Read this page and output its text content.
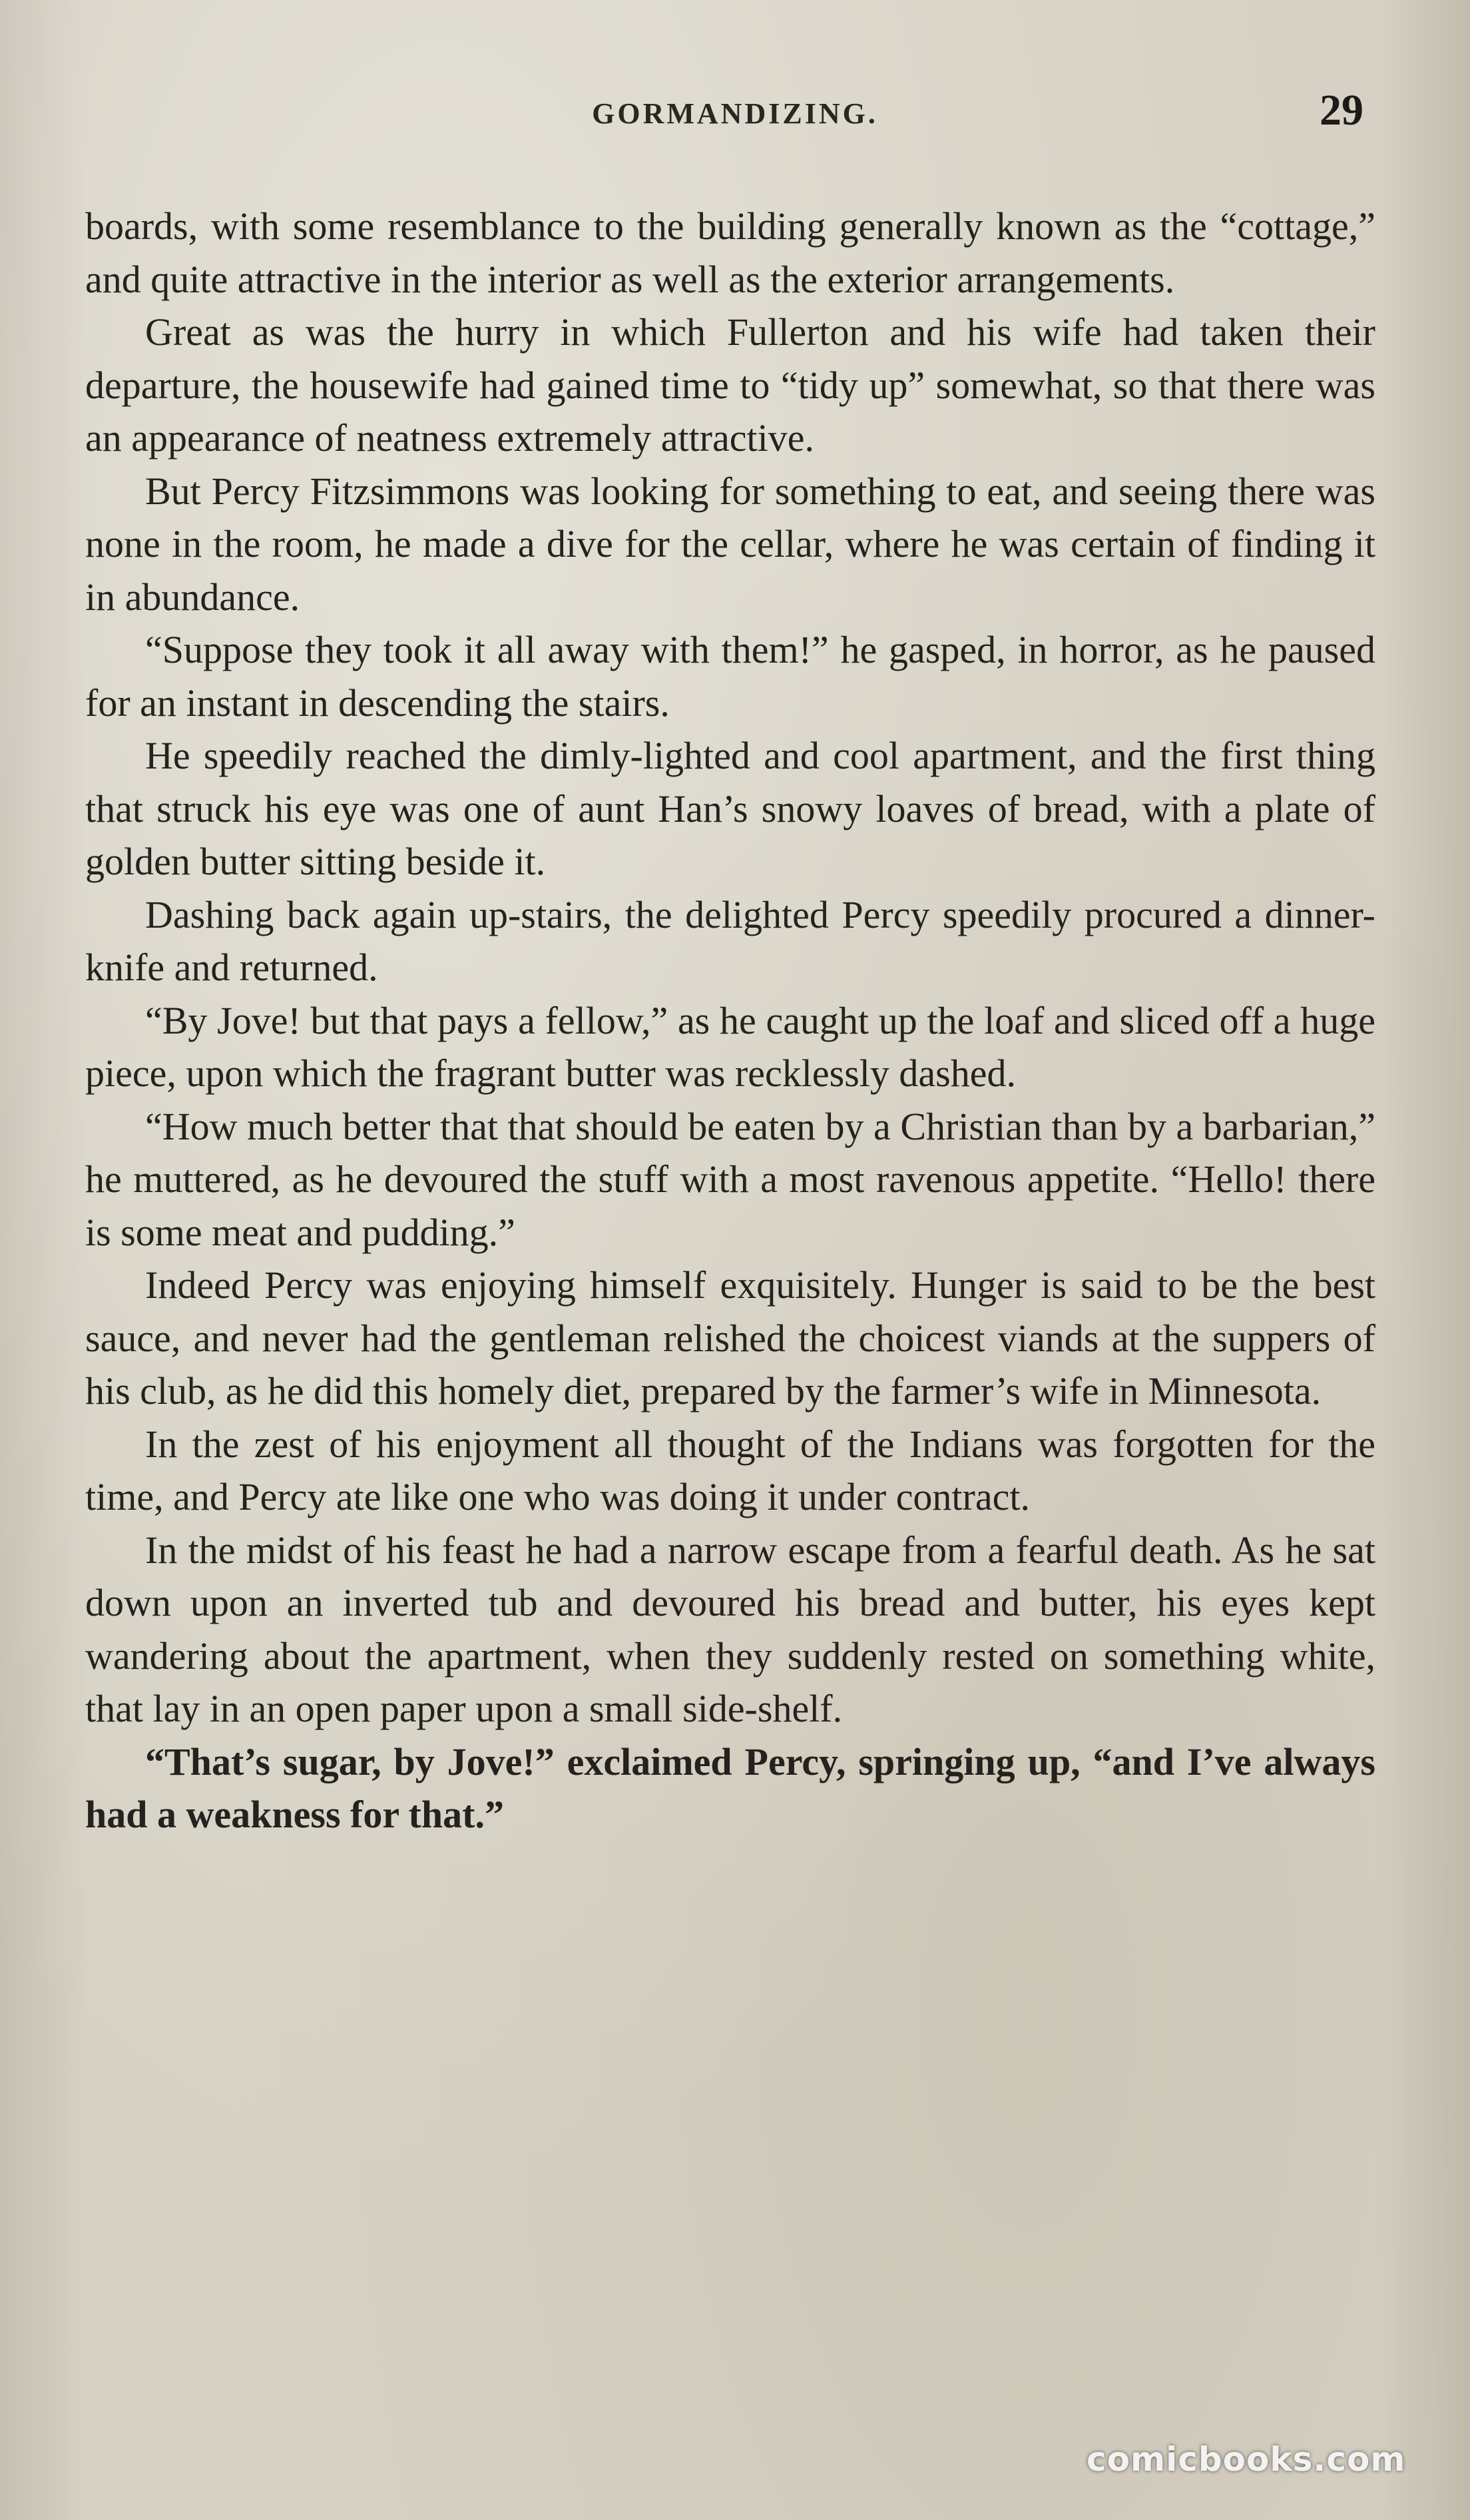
GORMANDIZING.	29

boards, with some resemblance to the building generally known as the “cottage,” and quite attractive in the interior as well as the exterior arrangements.

Great as was the hurry in which Fullerton and his wife had taken their departure, the housewife had gained time to “tidy up” somewhat, so that there was an appearance of neatness extremely attractive.

But Percy Fitzsimmons was looking for something to eat, and seeing there was none in the room, he made a dive for the cellar, where he was certain of finding it in abundance.

“Suppose they took it all away with them!” he gasped, in horror, as he paused for an instant in descending the stairs.

He speedily reached the dimly-lighted and cool apartment, and the first thing that struck his eye was one of aunt Han’s snowy loaves of bread, with a plate of golden butter sitting beside it.

Dashing back again up-stairs, the delighted Percy speedily procured a dinner-knife and returned.

“By Jove! but that pays a fellow,” as he caught up the loaf and sliced off a huge piece, upon which the fragrant butter was recklessly dashed.

“How much better that that should be eaten by a Christian than by a barbarian,” he muttered, as he devoured the stuff with a most ravenous appetite. “Hello! there is some meat and pudding.”

Indeed Percy was enjoying himself exquisitely. Hunger is said to be the best sauce, and never had the gentleman relished the choicest viands at the suppers of his club, as he did this homely diet, prepared by the farmer’s wife in Minnesota.

In the zest of his enjoyment all thought of the Indians was forgotten for the time, and Percy ate like one who was doing it under contract.

In the midst of his feast he had a narrow escape from a fearful death. As he sat down upon an inverted tub and devoured his bread and butter, his eyes kept wandering about the apartment, when they suddenly rested on something white, that lay in an open paper upon a small side-shelf.

“That’s sugar, by Jove!” exclaimed Percy, springing up, “and I’ve always had a weakness for that.”

comicbooks.com
